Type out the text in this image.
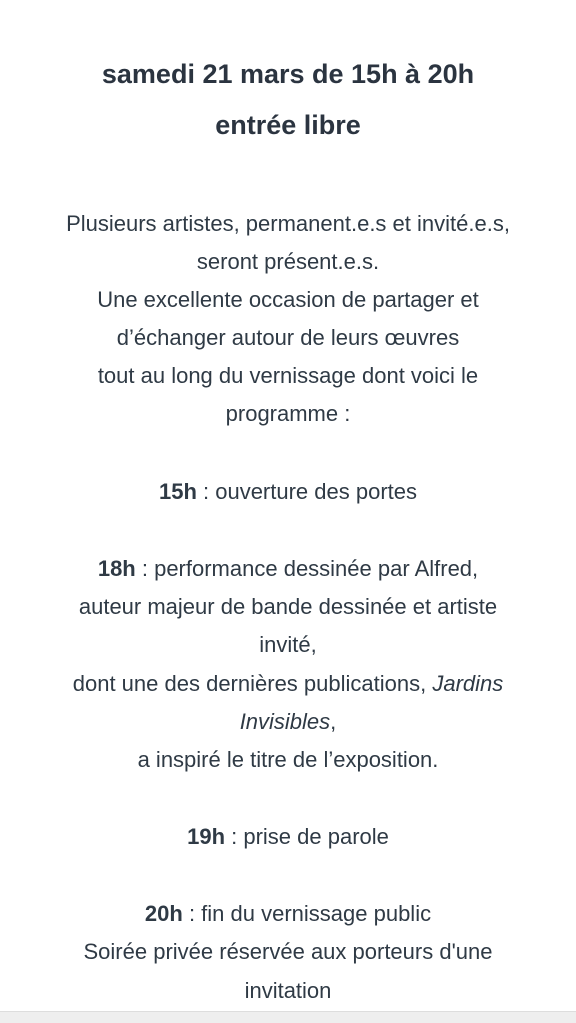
samedi 21 mars de 15h à 20h
entrée libre
Plusieurs artistes, permanent.e.s et invité.e.s,
seront présent.e.s.
Une excellente occasion de partager et
d’échanger autour de leurs œuvres
tout au long du vernissage dont voici le
programme :
15h : ouverture des portes
18h : performance dessinée par Alfred,
auteur majeur de bande dessinée et artiste
invité,
dont une des dernières publications, Jardins
Invisibles,
a inspiré le titre de l’exposition.
19h : prise de parole
20h : fin du vernissage public
Soirée privée réservée aux porteurs d'une
invitation
